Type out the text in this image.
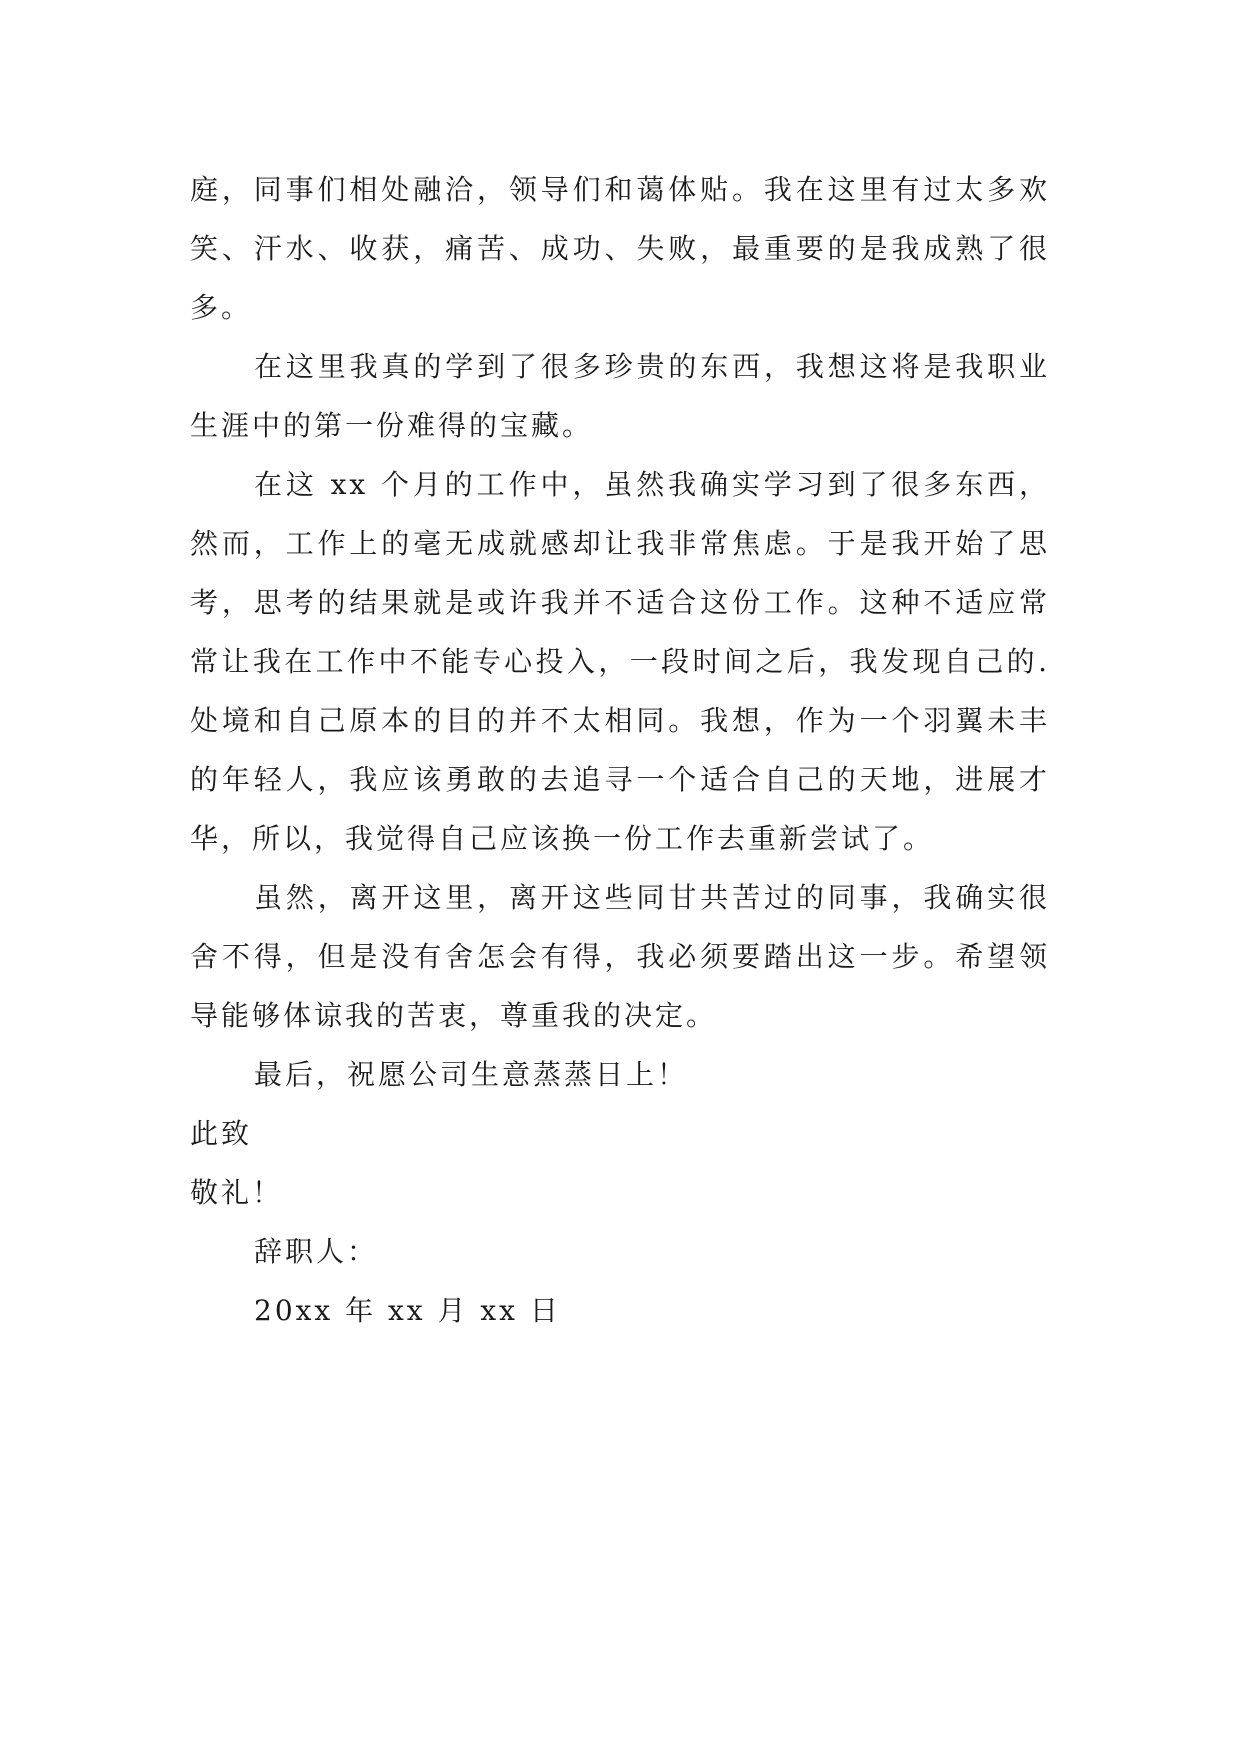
庭，同事们相处融洽，领导们和蔼体贴。我在这里有过太多欢笑、汗水、收获，痛苦、成功、失败，最重要的是我成熟了很多。

在这里我真的学到了很多珍贵的东西，我想这将是我职业生涯中的第一份难得的宝藏。

在这 xx 个月的工作中，虽然我确实学习到了很多东西，然而，工作上的毫无成就感却让我非常焦虑。于是我开始了思考，思考的结果就是或许我并不适合这份工作。这种不适应常常让我在工作中不能专心投入，一段时间之后，我发现自己的.处境和自己原本的目的并不太相同。我想，作为一个羽翼未丰的年轻人，我应该勇敢的去追寻一个适合自己的天地，进展才华，所以，我觉得自己应该换一份工作去重新尝试了。

虽然，离开这里，离开这些同甘共苦过的同事，我确实很舍不得，但是没有舍怎会有得，我必须要踏出这一步。希望领导能够体谅我的苦衷，尊重我的决定。

最后，祝愿公司生意蒸蒸日上！

此致

敬礼！

辞职人：

20xx 年 xx 月 xx 日
